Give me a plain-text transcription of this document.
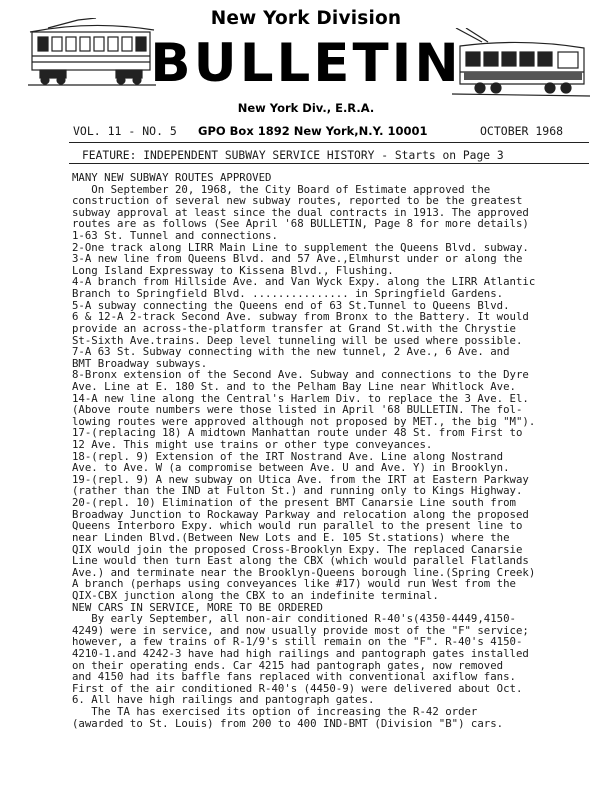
New York Division
BULLETIN
New York Div., E.R.A.
VOL. 11 - NO. 5 GPO Box 1892 New York,N.Y. 10001	OCTOBER 1968
FEATURE: INDEPENDENT SUBWAY SERVICE HISTORY - Starts on Page 3
MANY NEW SUBWAY ROUTES APPROVED
On September 20, 1968, the City Board of Estimate approved the
construction of several new subway routes, reported to be the greatest
subway approval at least since the dual contracts in 1913. The approved
routes are as follows (See April '68 BULLETIN, Page 8 for more details)
1-63 St. Tunnel and connections.
2-One track along LIRR Main Line to supplement the Queens Blvd. subway.
3-A new line from Queens Blvd. and 57 Ave.,Elmhurst under or along the
Long Island Expressway to Kissena Blvd., Flushing.
4-A branch from Hillside Ave. and Van Wyck Expy. along the LIRR Atlantic
Branch to Springfield Blvd. ............... in Springfield Gardens.
5-A subway connecting the Queens end of 63 St.Tunnel to Queens Blvd.
6 & 12-A 2-track Second Ave. subway from Bronx to the Battery. It would
provide an across-the-platform transfer at Grand St.with the Chrystie
St-Sixth Ave.trains. Deep level tunneling will be used where possible.
7-A 63 St. Subway connecting with the new tunnel, 2 Ave., 6 Ave. and
BMT Broadway subways.
8-Bronx extension of the Second Ave. Subway and connections to the Dyre
Ave. Line at E. 180 St. and to the Pelham Bay Line near Whitlock Ave.
14-A new line along the Central's Harlem Div. to replace the 3 Ave. El.
(Above route numbers were those listed in April '68 BULLETIN. The fol-
lowing routes were approved although not proposed by MET., the big "M").
17-(replacing 18) A midtown Manhattan route under 48 St. from First to
12 Ave. This might use trains or other type conveyances.
18-(repl. 9) Extension of the IRT Nostrand Ave. Line along Nostrand
Ave. to Ave. W (a compromise between Ave. U and Ave. Y) in Brooklyn.
19-(repl. 9) A new subway on Utica Ave. from the IRT at Eastern Parkway
(rather than the IND at Fulton St.) and running only to Kings Highway.
20-(repl. 10) Elimination of the present BMT Canarsie Line south from
Broadway Junction to Rockaway Parkway and relocation along the proposed
Queens Interboro Expy. which would run parallel to the present line to
near Linden Blvd.(Between New Lots and E. 105 St.stations) where the
QIX would join the proposed Cross-Brooklyn Expy. The replaced Canarsie
Line would then turn East along the CBX (which would parallel Flatlands
Ave.) and terminate near the Brooklyn-Queens borough line.(Spring Creek)
A branch (perhaps using conveyances like #17) would run West from the
QIX-CBX junction along the CBX to an indefinite terminal.
NEW CARS IN SERVICE, MORE TO BE ORDERED
By early September, all non-air conditioned R-40's(4350-4449,4150-
4249) were in service, and now usually provide most of the "F" service;
however, a few trains of R-1/9's still remain on the "F". R-40's 4150-
4210-1.and 4242-3 have had high railings and pantograph gates installed
on their operating ends. Car 4215 had pantograph gates, now removed
and 4150 had its baffle fans replaced with conventional axiflow fans.
First of the air conditioned R-40's (4450-9) were delivered about Oct.
6. All have high railings and pantograph gates.
The TA has exercised its option of increasing the R-42 order
(awarded to St. Louis) from 200 to 400 IND-BMT (Division "B") cars.
